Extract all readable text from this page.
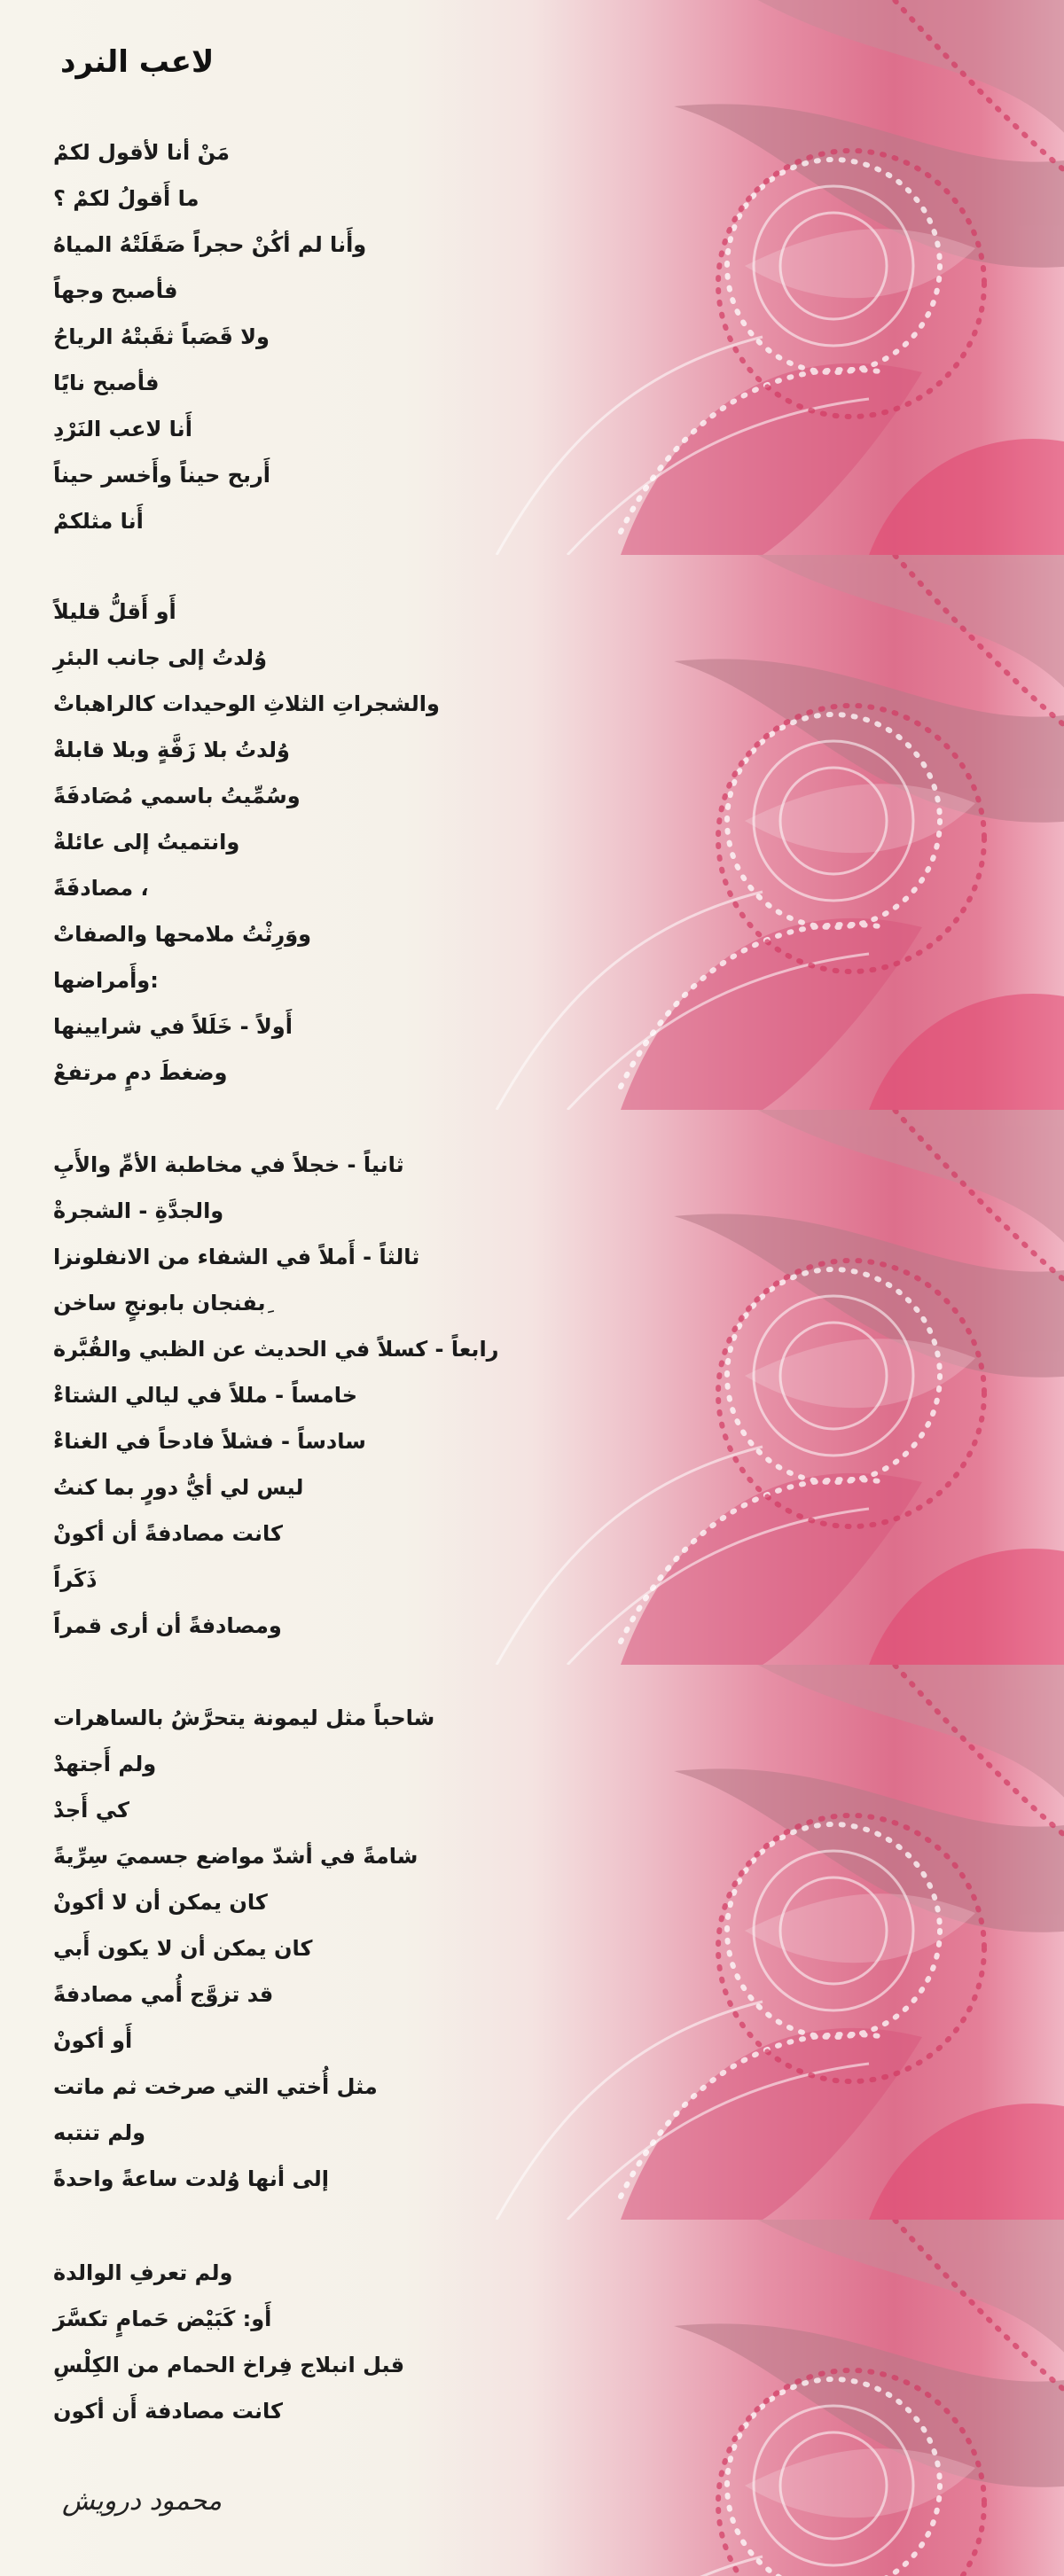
لاعب النرد
مَنْ أنا لأقول لكمْ
ما أَقولُ لكمْ ؟
وأَنا لم أكُنْ حجراً صَقَلَتْهُ المياهُ
فأصبح وجهاً
ولا قَصَباً ثقَبتْهُ الرياحُ
فأصبح نايًا
أَنا لاعب النَرْدِ
أَربح حيناً وأَخسر حيناً
أَنا مثلكمْ
أَو أَقلُّ قليلاً
وُلدتُ إلى جانب البئرِ
والشجراتِ الثلاثِ الوحيدات كالراهباتْ
وُلدتُ بلا زَفَّةٍ وبلا قابلةْ
وسُمِّيتُ باسمي مُصَادفَةً
وانتميتُ إلى عائلةْ
، مصادفَةً
ووَرِثْتُ ملامحها والصفاتْ
:وأَمراضها
أَولاً - خَلَلاً في شرايينها
وضغطَ دمٍ مرتفعْ
ثانياً - خجلاً في مخاطبة الأمِّ والأَبِ
والجدَّةِ - الشجرةْ
ثالثاً - أَملاً في الشفاء من الانفلونزا
ِبفنجان بابونجٍ ساخن
رابعاً - كسلاً في الحديث عن الظبي والقُبَّرة
خامساً - مللاً في ليالي الشتاءْ
سادساً - فشلاً فادحاً في الغناءْ
ليس لي أيُّ دورٍ بما كنتُ
كانت مصادفةً أن أكونْ
ذَكَراً
ومصادفةً أن أرى قمراً
شاحباً مثل ليمونة يتحرَّشُ بالساهرات
ولم أَجتهدْ
كي أَجدْ
شامةً في أشدّ مواضع جسميَ سِرِّيةً
كان يمكن أن لا أكونْ
كان يمكن أن لا يكون أَبي
قد تزوَّج أُمي مصادفةً
أَو أكونْ
مثل أُختي التي صرخت ثم ماتت
ولم تنتبه
إلى أنها وُلدت ساعةً واحدةً
ولم تعرفِ الوالدة
أَو: كَبَيْض حَمامٍ تكسَّرَ
قبل انبلاج فِراخ الحمام من الكِلْسِ
كانت مصادفة أَن أكون
محمود درويش
